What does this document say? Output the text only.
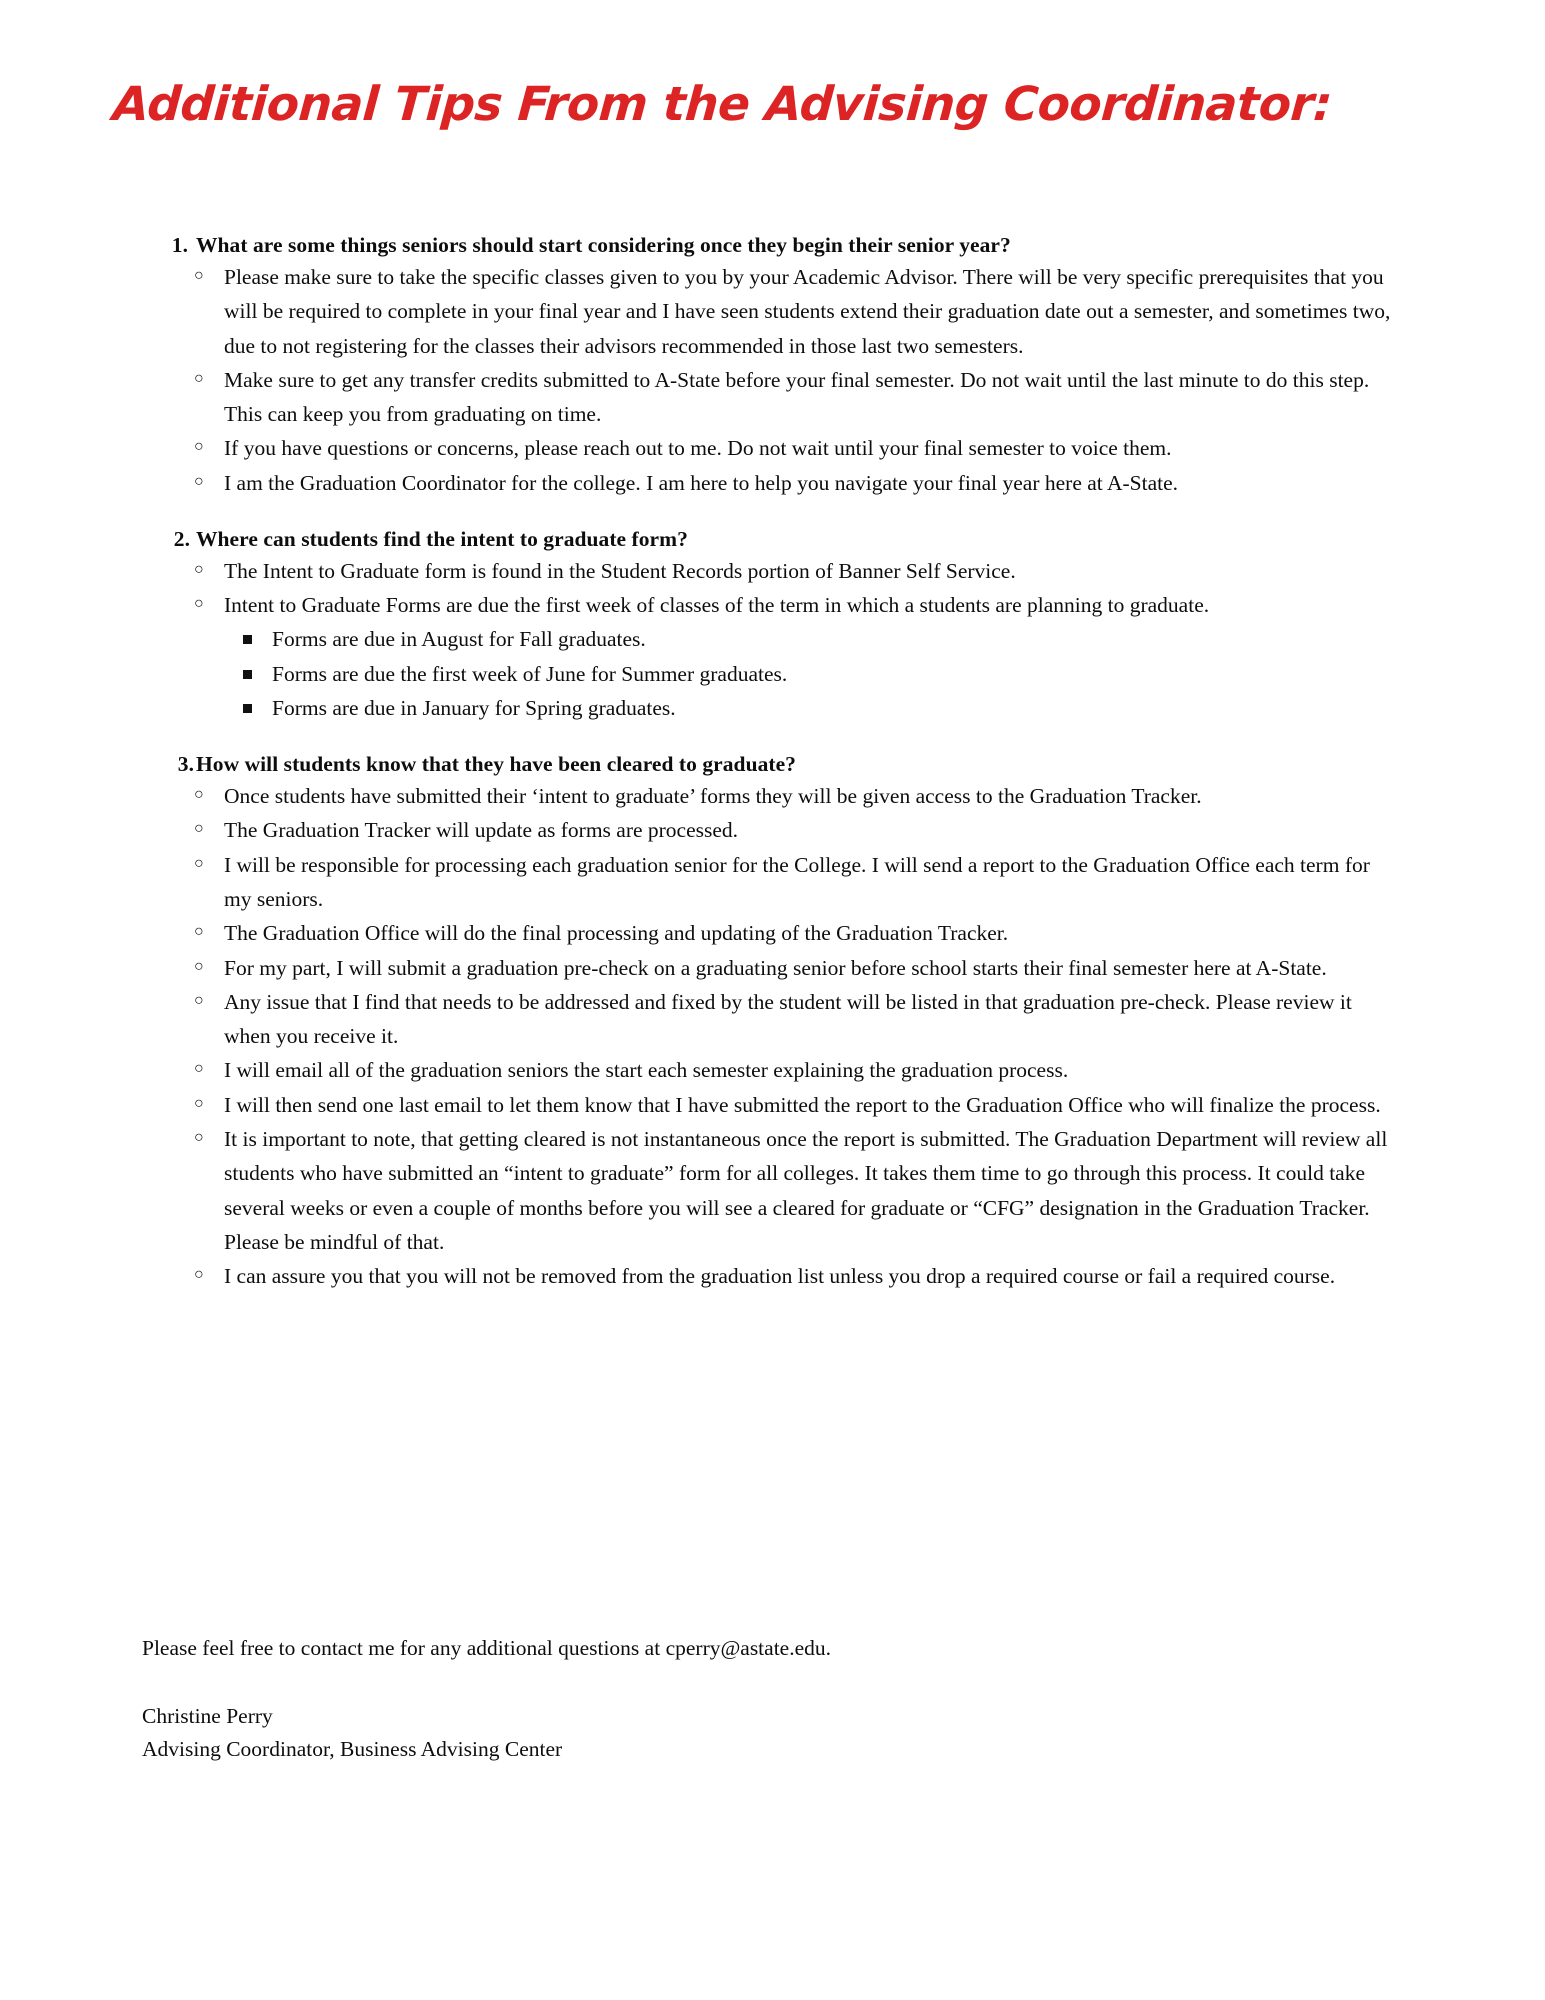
Additional Tips From the Advising Coordinator:
1. What are some things seniors should start considering once they begin their senior year?
○ Please make sure to take the specific classes given to you by your Academic Advisor. There will be very specific prerequisites that you will be required to complete in your final year and I have seen students extend their graduation date out a semester, and sometimes two, due to not registering for the classes their advisors recommended in those last two semesters.
○ Make sure to get any transfer credits submitted to A-State before your final semester. Do not wait until the last minute to do this step. This can keep you from graduating on time.
○ If you have questions or concerns, please reach out to me. Do not wait until your final semester to voice them.
○ I am the Graduation Coordinator for the college. I am here to help you navigate your final year here at A-State.
2. Where can students find the intent to graduate form?
○ The Intent to Graduate form is found in the Student Records portion of Banner Self Service.
○ Intent to Graduate Forms are due the first week of classes of the term in which a students are planning to graduate.
Forms are due in August for Fall graduates.
Forms are due the first week of June for Summer graduates.
Forms are due in January for Spring graduates.
3. How will students know that they have been cleared to graduate?
○ Once students have submitted their ‘intent to graduate’ forms they will be given access to the Graduation Tracker.
○ The Graduation Tracker will update as forms are processed.
○ I will be responsible for processing each graduation senior for the College. I will send a report to the Graduation Office each term for my seniors.
○ The Graduation Office will do the final processing and updating of the Graduation Tracker.
○ For my part, I will submit a graduation pre-check on a graduating senior before school starts their final semester here at A-State.
○ Any issue that I find that needs to be addressed and fixed by the student will be listed in that graduation pre-check. Please review it when you receive it.
○ I will email all of the graduation seniors the start each semester explaining the graduation process.
○ I will then send one last email to let them know that I have submitted the report to the Graduation Office who will finalize the process.
○ It is important to note, that getting cleared is not instantaneous once the report is submitted. The Graduation Department will review all students who have submitted an “intent to graduate” form for all colleges. It takes them time to go through this process. It could take several weeks or even a couple of months before you will see a cleared for graduate or “CFG” designation in the Graduation Tracker. Please be mindful of that.
○ I can assure you that you will not be removed from the graduation list unless you drop a required course or fail a required course.
Please feel free to contact me for any additional questions at cperry@astate.edu.
Christine Perry
Advising Coordinator, Business Advising Center
